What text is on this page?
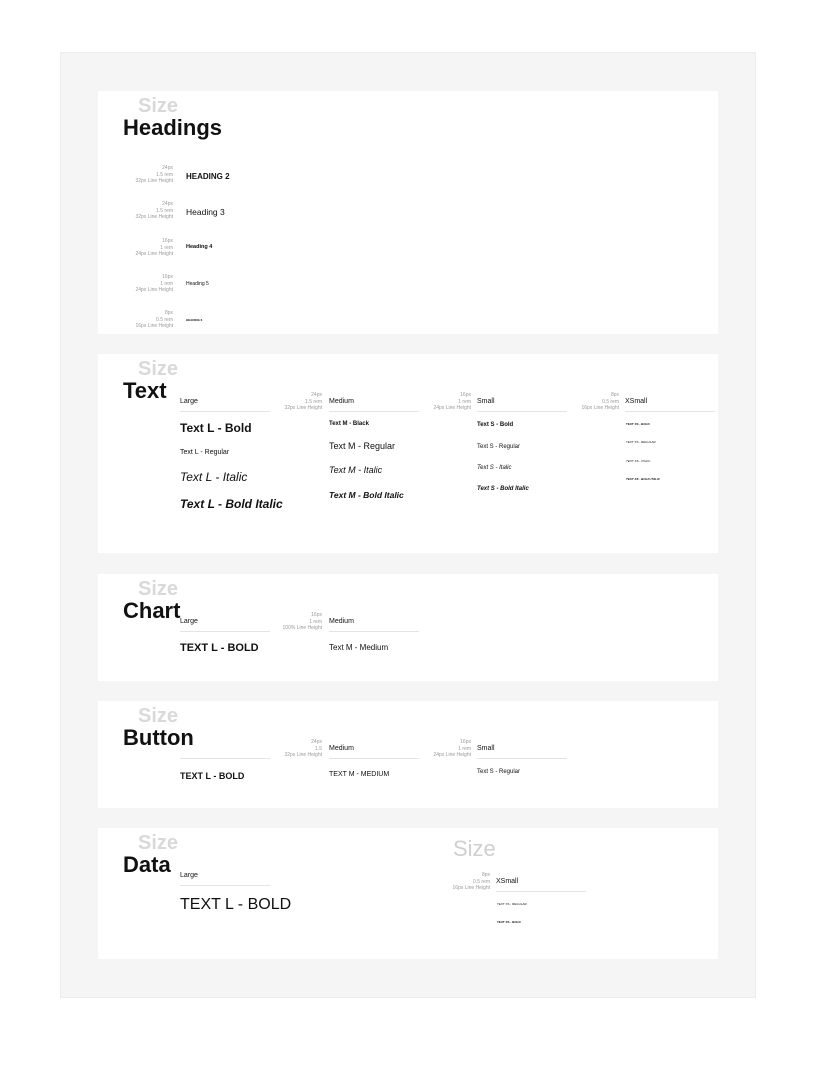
Size
Headings
24px
1.5 rem
32px Line Height HEADING 2
24px
1.5 rem
32px Line Height Heading 3
16px
1 rem
24px Line Height
Heading 4
16px
1 rem
24px Line Height
Heading 5
8px
0.5 rem
16px Line Height
HEADING 6
Size
Text Large
Text L - Bold
Text L - Regular
Text L - Italic
Text L - Bold Italic
24px
1.5 rem
32px Line Height
Medium
Text M - Black
Text M - Regular
Text M - Italic
Text M - Bold Italic
16px
1 rem
24px Line Height
Small
Text S - Bold
Text S - Regular
Text S - Italic
Text S - Bold Italic
8px
0.5 rem
16px Line Height
XSmall
TEXT XS - BOLD
TEXT XS - REGULAR
TEXT XS - ITALIC
TEXT XS - BOLD ITALIC
Size
Chart Large
TEXT L - BOLD
16px
1 rem
100% Line Height
Medium
Text M - Medium
Size
Button
TEXT L - BOLD
24px
1.5
32px Line Height
Medium
TEXT M - MEDIUM
16px
1 rem
24px Line Height
Small
Text S - Regular
Size
Data
Size
Large
TEXT L - BOLD
8px
0.5 rem
16px Line Height
XSmall
TEXT XS - REGULAR
TEXT XS - BOLD
